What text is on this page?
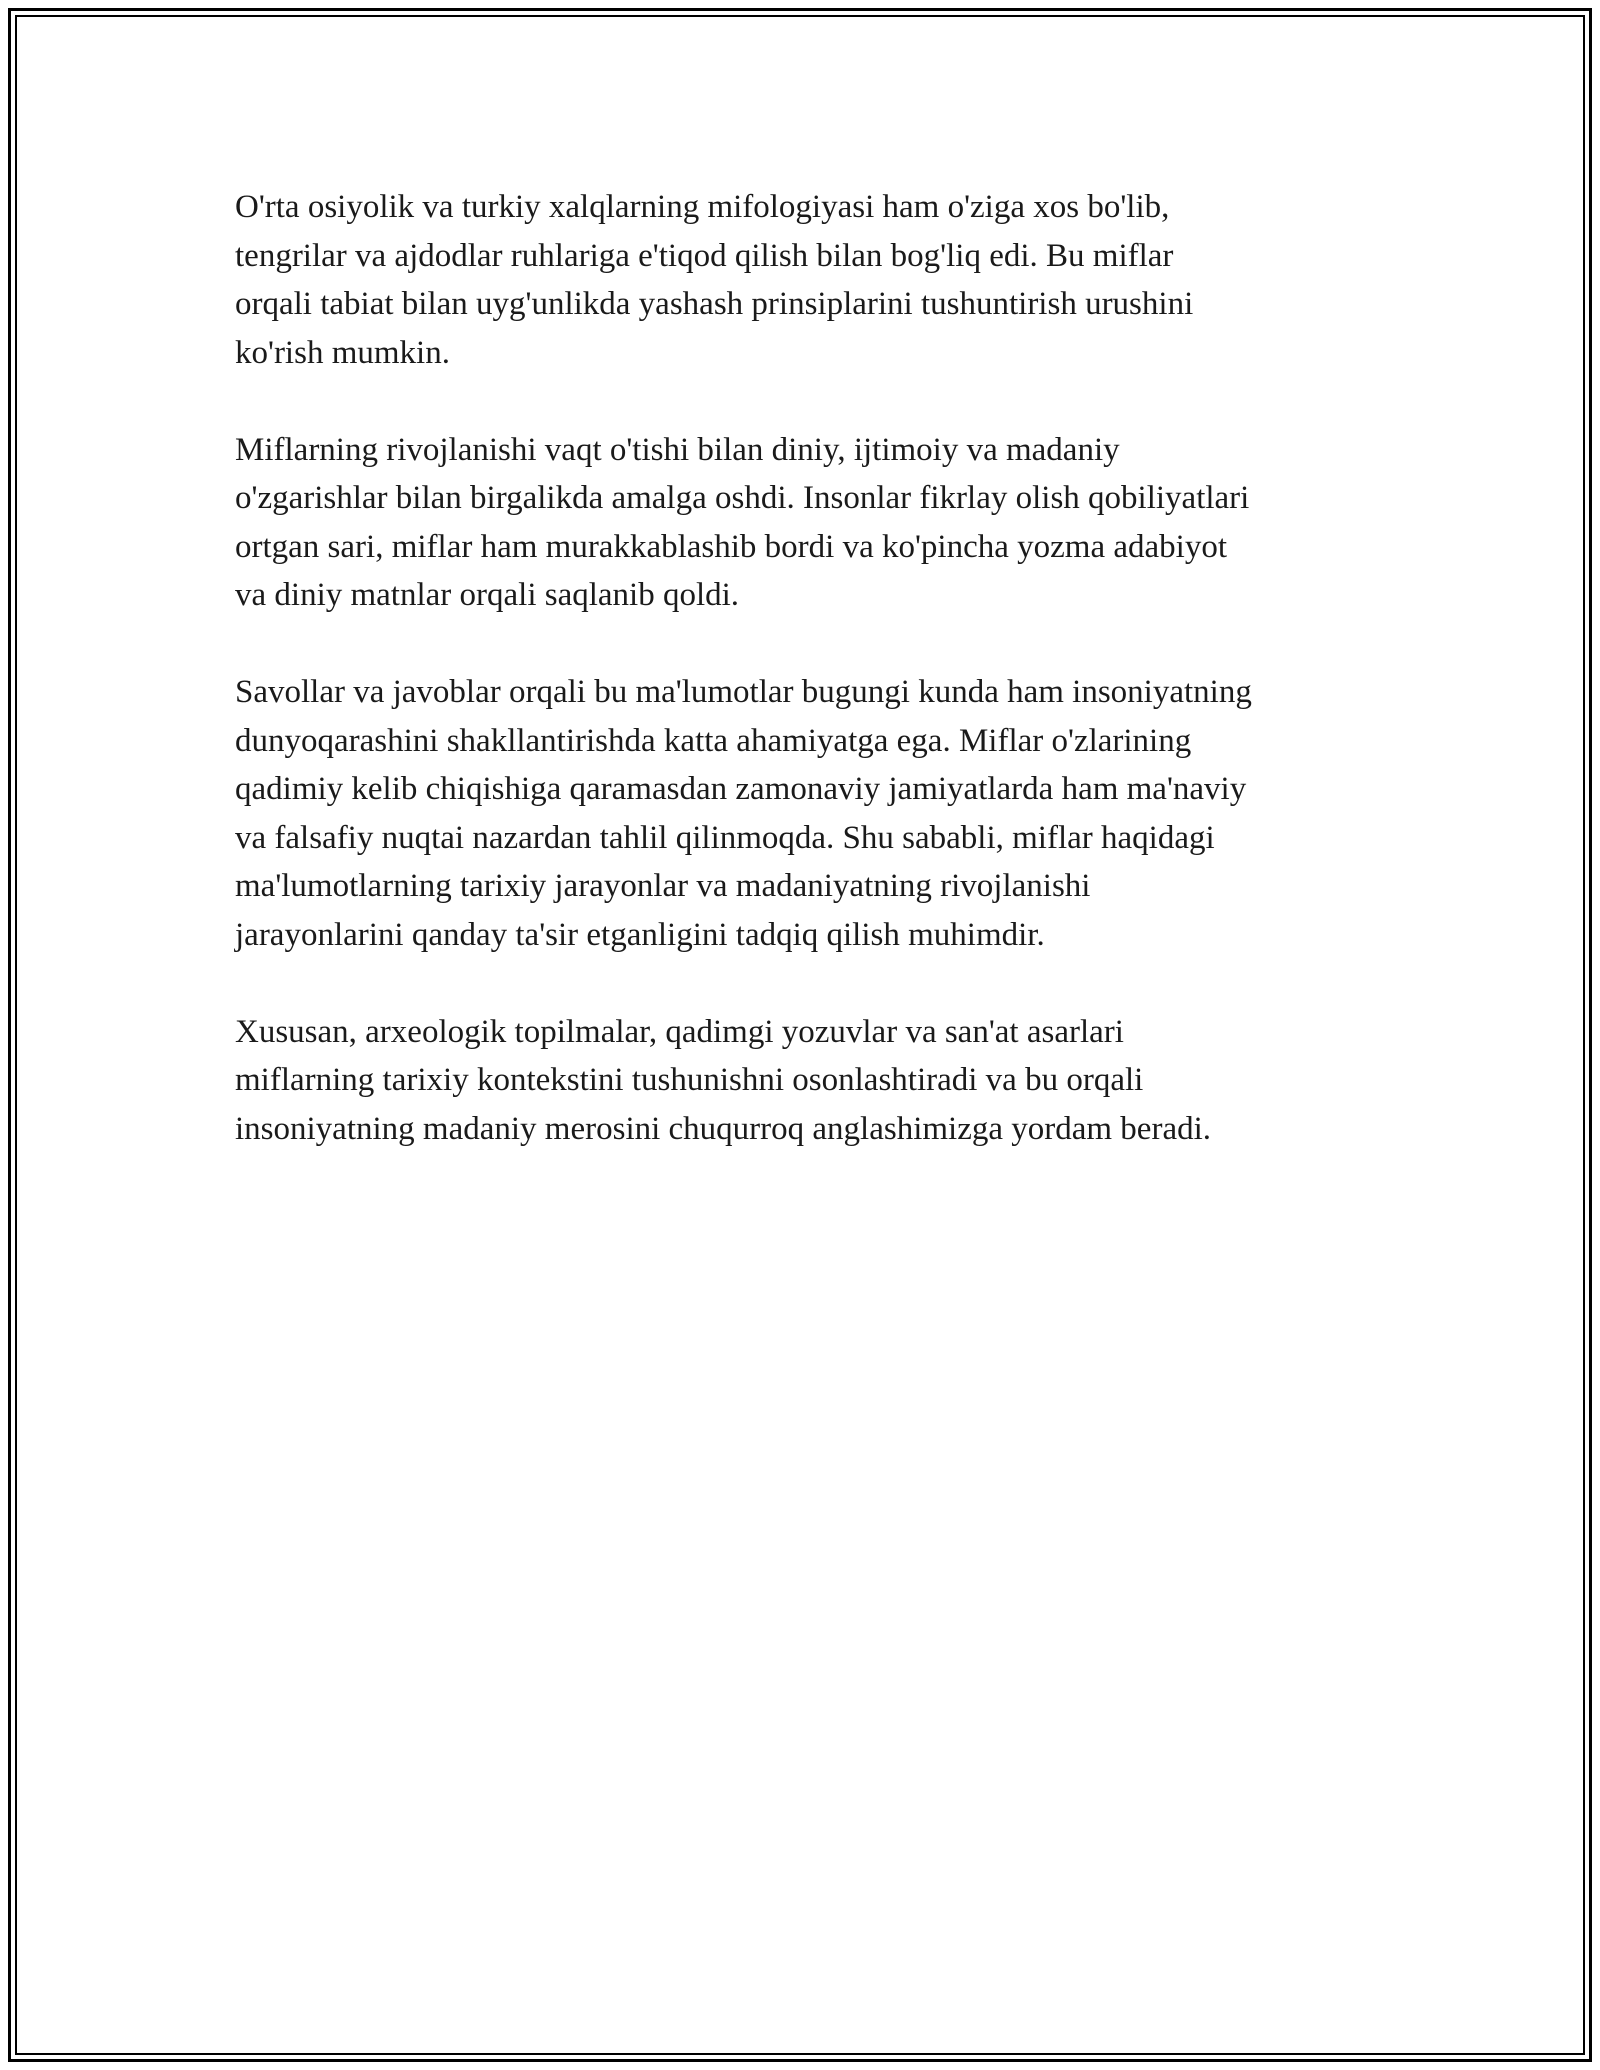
O'rta osiyolik va turkiy xalqlarning mifologiyasi ham o'ziga xos bo'lib,
tengrilar va ajdodlar ruhlariga e'tiqod qilish bilan bog'liq edi. Bu miflar
orqali tabiat bilan uyg'unlikda yashash prinsiplarini tushuntirish urushini
ko'rish mumkin.

Miflarning rivojlanishi vaqt o'tishi bilan diniy, ijtimoiy va madaniy
o'zgarishlar bilan birgalikda amalga oshdi. Insonlar fikrlay olish qobiliyatlari
ortgan sari, miflar ham murakkablashib bordi va ko'pincha yozma adabiyot
va diniy matnlar orqali saqlanib qoldi.

Savollar va javoblar orqali bu ma'lumotlar bugungi kunda ham insoniyatning
dunyoqarashini shakllantirishda katta ahamiyatga ega. Miflar o'zlarining
qadimiy kelib chiqishiga qaramasdan zamonaviy jamiyatlarda ham ma'naviy
va falsafiy nuqtai nazardan tahlil qilinmoqda. Shu sababli, miflar haqidagi
ma'lumotlarning tarixiy jarayonlar va madaniyatning rivojlanishi
jarayonlarini qanday ta'sir etganligini tadqiq qilish muhimdir.

Xususan, arxeologik topilmalar, qadimgi yozuvlar va san'at asarlari
miflarning tarixiy kontekstini tushunishni osonlashtiradi va bu orqali
insoniyatning madaniy merosini chuqurroq anglashimizga yordam beradi.
